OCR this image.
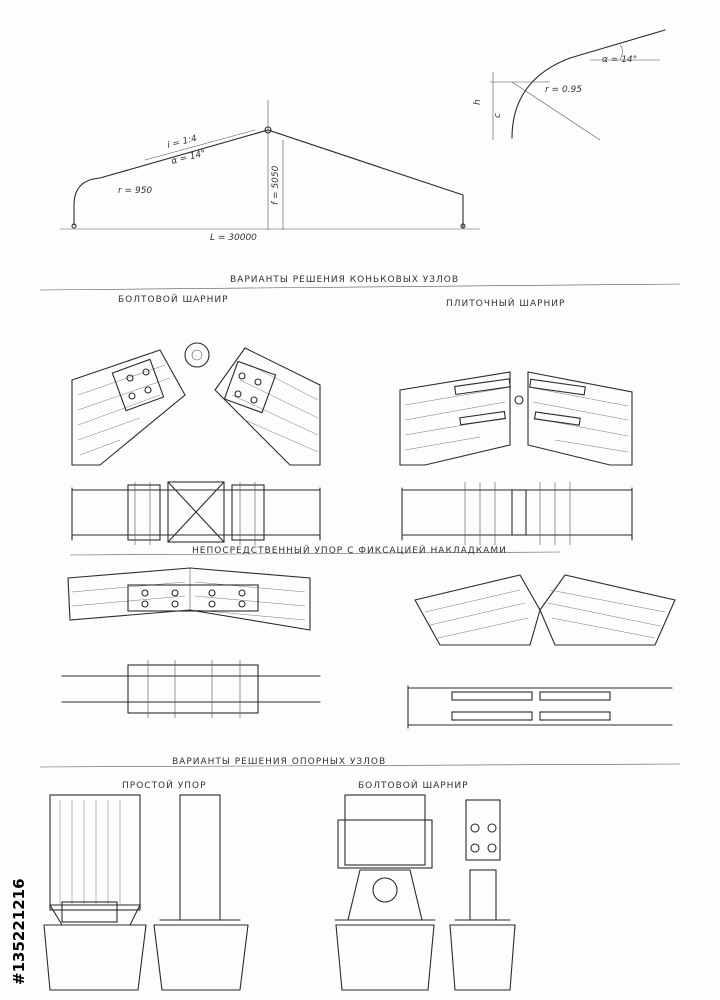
i = 1:4
α = 14°
r = 950	f = 5050
L = 30000
α = 14°
r = 0.95
h
c
ВАРИАНТЫ РЕШЕНИЯ КОНЬКОВЫХ УЗЛОВ
БОЛТОВОЙ ШАРНИР	ПЛИТОЧНЫЙ ШАРНИР
НЕПОСРЕДСТВЕННЫЙ УПОР С ФИКСАЦИЕЙ НАКЛАДКАМИ
ВАРИАНТЫ РЕШЕНИЯ ОПОРНЫХ УЗЛОВ
ПРОСТОЙ УПОР	БОЛТОВОЙ ШАРНИР
#135221216
